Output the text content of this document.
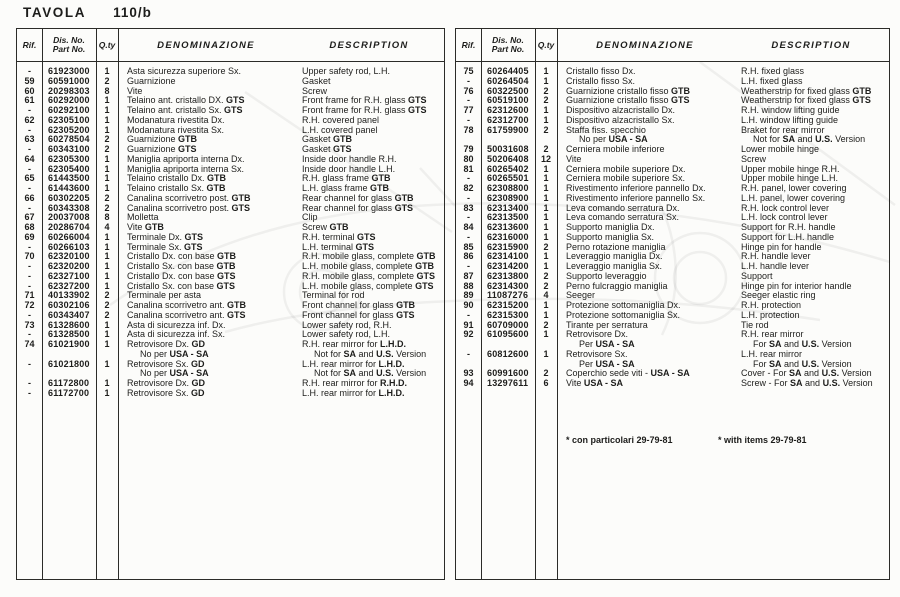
TAVOLA 110/b
Rif.	Dis. No.
Part No.	Q.ty	DENOMINAZIONE	DESCRIPTION
-	61923000	1	Asta sicurezza superiore Sx.	Upper safety rod, L.H.
59	60591000	2	Guarnizione	Gasket
60	20298303	8	Vite	Screw
61	60292000	1	Telaino ant. cristallo DX. GTS	Front frame for R.H. glass GTS
-	60292100	1	Telaino ant. cristallo Sx. GTS	Front frame for R.H. glass GTS
62	62305100	1	Modanatura rivestita Dx.	R.H. covered panel
-	62305200	1	Modanatura rivestita Sx.	L.H. covered panel
63	60278504	2	Guarnizione GTB	Gasket GTB
-	60343100	2	Guarnizione GTS	Gasket GTS
64	62305300	1	Maniglia apriporta interna Dx.	Inside door handle R.H.
-	62305400	1	Maniglia apriporta interna Sx.	Inside door handle L.H.
65	61443500	1	Telaino cristallo Dx. GTB	R.H. glass frame GTB
-	61443600	1	Telaino cristallo Sx. GTB	L.H. glass frame GTB
66	60302205	2	Canalina scorrivetro post. GTB	Rear channel for glass GTB
-	60343308	2	Canalina scorrivetro post. GTS	Rear channel for glass GTS
67	20037008	8	Molletta	Clip
68	20286704	4	Vite GTB	Screw GTB
69	60266004	1	Terminale Dx. GTS	R.H. terminal GTS
-	60266103	1	Terminale Sx. GTS	L.H. terminal GTS
70	62320100	1	Cristallo Dx. con base GTB	R.H. mobile glass, complete GTB
-	62320200	1	Cristallo Sx. con base GTB	L.H. mobile glass, complete GTB
-	62327100	1	Cristallo Dx. con base GTS	R.H. mobile glass, complete GTS
-	62327200	1	Cristallo Sx. con base GTS	L.H. mobile glass, complete GTS
71	40133902	2	Terminale per asta	Terminal for rod
72	60302106	2	Canalina scorrivetro ant. GTB	Front channel for glass GTB
-	60343407	2	Canalina scorrivetro ant. GTS	Front channel for glass GTS
73	61328600	1	Asta di sicurezza inf. Dx.	Lower safety rod, R.H.
-	61328500	1	Asta di sicurezza inf. Sx.	Lower safety rod, L.H.
74	61021900	1	Retrovisore Dx. GD	R.H. rear mirror for L.H.D.
No per USA - SA	Not for SA and U.S. Version
-	61021800	1	Retrovisore Sx. GD	L.H. rear mirror for L.H.D.
No per USA - SA	Not for SA and U.S. Version
-	61172800	1	Retrovisore Dx. GD	R.H. rear mirror for R.H.D.
-	61172700	1	Retrovisore Sx. GD	L.H. rear mirror for L.H.D.
Rif.	Dis. No.
Part No.	Q.ty	DENOMINAZIONE	DESCRIPTION
75	60264405	1	Cristallo fisso Dx.	R.H. fixed glass
-	60264504	1	Cristallo fisso Sx.	L.H. fixed glass
76	60322500	2	Guarnizione cristallo fisso GTB	Weatherstrip for fixed glass GTB
-	60519100	2	Guarnizione cristallo fisso GTS	Weatherstrip for fixed glass GTS
77	62312600	1	Dispositivo alzacristallo Dx.	R.H. window lifting guide
-	62312700	1	Dispositivo alzacristallo Sx.	L.H. window lifting guide
78	61759900	2	Staffa fiss. specchio	Braket for rear mirror
No per USA - SA	Not for SA and U.S. Version
79	50031608	2	Cerniera mobile inferiore	Lower mobile hinge
80	50206408	12	Vite	Screw
81	60265402	1	Cerniera mobile superiore Dx.	Upper mobile hinge R.H.
-	60265501	1	Cerniera mobile superiore Sx.	Upper mobile hinge L.H.
82	62308800	1	Rivestimento inferiore pannello Dx.	R.H. panel, lower covering
-	62308900	1	Rivestimento inferiore pannello Sx.	L.H. panel, lower covering
83	62313400	1	Leva comando serratura Dx.	R.H. lock control lever
-	62313500	1	Leva comando serratura Sx.	L.H. lock control lever
84	62313600	1	Supporto maniglia Dx.	Support for R.H. handle
-	62316000	1	Supporto maniglia Sx.	Support for L.H. handle
85	62315900	2	Perno rotazione maniglia	Hinge pin for handle
86	62314100	1	Leveraggio maniglia Dx.	R.H. handle lever
-	62314200	1	Leveraggio maniglia Sx.	L.H. handle lever
87	62313800	2	Supporto leveraggio	Support
88	62314300	2	Perno fulcraggio maniglia	Hinge pin for interior handle
89	11087276	4	Seeger	Seeger elastic ring
90	62315200	1	Protezione sottomaniglia Dx.	R.H. protection
-	62315300	1	Protezione sottomaniglia Sx.	L.H. protection
91	60709000	2	Tirante per serratura	Tie rod
92	61095600	1	Retrovisore Dx.	R.H. rear mirror
Per USA - SA	For SA and U.S. Version
-	60812600	1	Retrovisore Sx.	L.H. rear mirror
Per USA - SA	For SA and U.S. Version
93	60991600	2	Coperchio sede viti - USA - SA	Cover - For SA and U.S. Version
94	13297611	6	Vite USA - SA	Screw - For SA and U.S. Version
* con particolari 29-79-81	* with items 29-79-81
